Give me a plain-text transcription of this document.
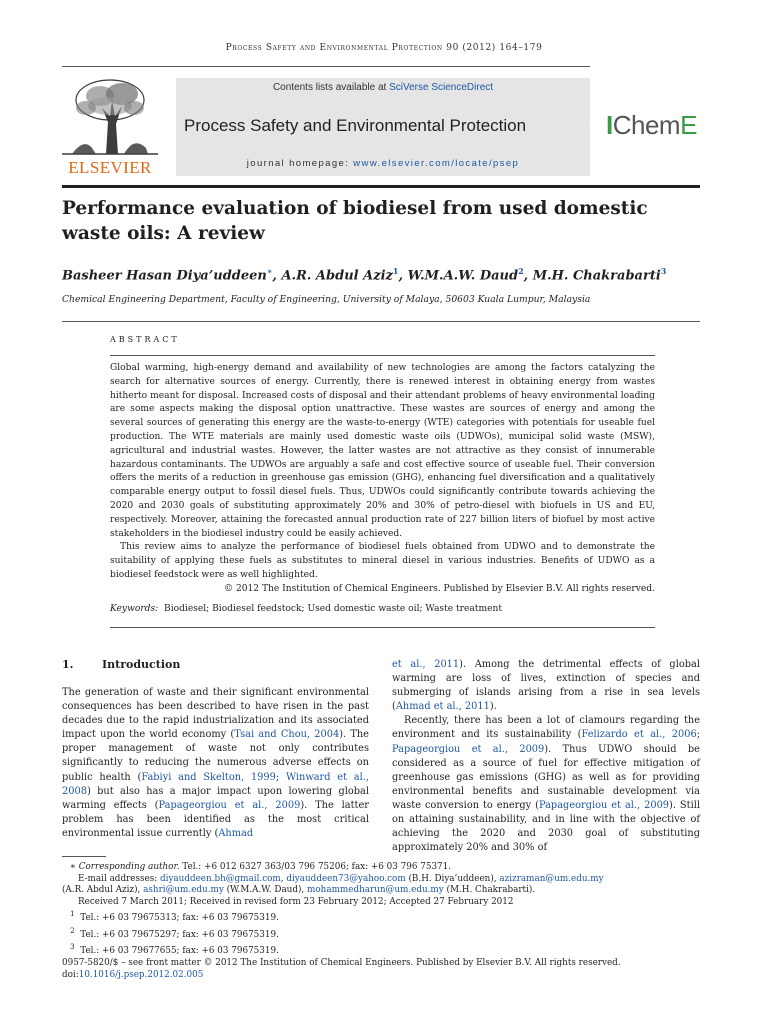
Process Safety and Environmental Protection 90 (2012) 164–179
ELSEVIER
Contents lists available at SciVerse ScienceDirect
Process Safety and Environmental Protection
journal homepage: www.elsevier.com/locate/psep
IChemE
Performance evaluation of biodiesel from used domestic waste oils: A review
Basheer Hasan Diya’uddeen∗, A.R. Abdul Aziz$^1$, W.M.A.W. Daud$^2$, M.H. Chakrabarti$^3$
Chemical Engineering Department, Faculty of Engineering, University of Malaya, 50603 Kuala Lumpur, Malaysia
ABSTRACT

Global warming, high-energy demand and availability of new technologies are among the factors catalyzing the search for alternative sources of energy. Currently, there is renewed interest in obtaining energy from wastes hitherto meant for disposal. Increased costs of disposal and their attendant problems of heavy environmental loading are some aspects making the disposal option unattractive. These wastes are sources of energy and among the several sources of generating this energy are the waste-to-energy (WTE) categories with potentials for useable fuel production. The WTE materials are mainly used domestic waste oils (UDWOs), municipal solid waste (MSW), agricultural and industrial wastes. However, the latter wastes are not attractive as they consist of innumerable hazardous contaminants. The UDWOs are arguably a safe and cost effective source of useable fuel. Their conversion offers the merits of a reduction in greenhouse gas emission (GHG), enhancing fuel diversification and a qualitatively comparable energy output to fossil diesel fuels. Thus, UDWOs could significantly contribute towards achieving the 2020 and 2030 goals of substituting approximately 20% and 30% of petro-diesel with biofuels in US and EU, respectively. Moreover, attaining the forecasted annual production rate of 227 billion liters of biofuel by most active stakeholders in the biodiesel industry could be easily achieved.

This review aims to analyze the performance of biodiesel fuels obtained from UDWO and to demonstrate the suitability of applying these fuels as substitutes to mineral diesel in various industries. Benefits of UDWO as a biodiesel feedstock were as well highlighted.

© 2012 The Institution of Chemical Engineers. Published by Elsevier B.V. All rights reserved.
Keywords: Biodiesel; Biodiesel feedstock; Used domestic waste oil; Waste treatment
1.	Introduction

The generation of waste and their significant environmental consequences has been described to have risen in the past decades due to the rapid industrialization and its associated impact upon the world economy (Tsai and Chou, 2004). The proper management of waste not only contributes significantly to reducing the numerous adverse effects on public health (Fabiyi and Skelton, 1999; Winward et al., 2008) but also has a major impact upon lowering global warming effects (Papageorgiou et al., 2009). The latter problem has been identified as the most critical environmental issue currently (Ahmad

et al., 2011). Among the detrimental effects of global warming are loss of lives, extinction of species and submerging of islands arising from a rise in sea levels (Ahmad et al., 2011).

Recently, there has been a lot of clamours regarding the environment and its sustainability (Felizardo et al., 2006; Papageorgiou et al., 2009). Thus UDWO should be considered as a source of fuel for effective mitigation of greenhouse gas emissions (GHG) as well as for providing environmental benefits and sustainable development via waste conversion to energy (Papageorgiou et al., 2009). Still on attaining sustainability, and in line with the objective of achieving the 2020 and 2030 goal of substituting approximately 20% and 30% of

∗ Corresponding author. Tel.: +6 012 6327 363/03 796 75206; fax: +6 03 796 75371.
E-mail addresses: diyauddeen.bh@gmail.com, diyauddeen73@yahoo.com (B.H. Diya’uddeen), azizraman@um.edu.my
(A.R. Abdul Aziz), ashri@um.edu.my (W.M.A.W. Daud), mohammedharun@um.edu.my (M.H. Chakrabarti).
Received 7 March 2011; Received in revised form 23 February 2012; Accepted 27 February 2012
$^1$ Tel.: +6 03 79675313; fax: +6 03 79675319.
$^2$ Tel.: +6 03 79675297; fax: +6 03 79675319.
$^3$ Tel.: +6 03 79677655; fax: +6 03 79675319.
0957-5820/$ – see front matter © 2012 The Institution of Chemical Engineers. Published by Elsevier B.V. All rights reserved.
doi:10.1016/j.psep.2012.02.005
